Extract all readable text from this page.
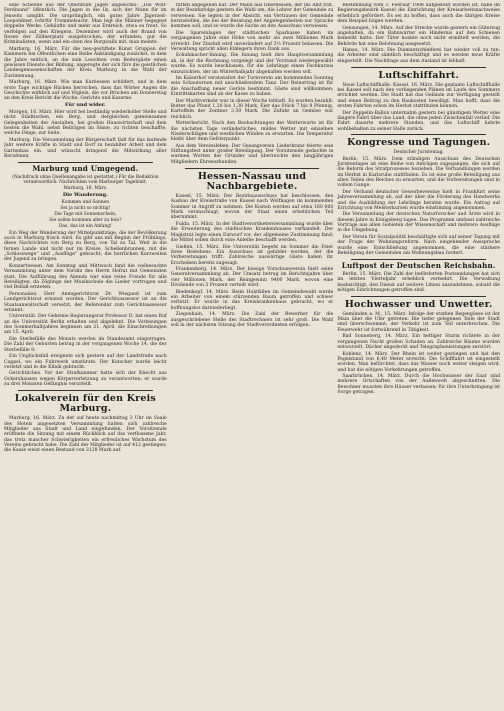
eine Scheune aus der Oberstufe Jagen angesichts: „Die Wolf-Ferdinand“ öffentlich. Die Jagen in die Ilz, sich der Mann für im Jenseits umgibt. Die ursprünglich, ein gutes Jahre Jägerzeit-Leopoldiner, rohrfür Trommelsucht. Man legt die Männer begegnet doppelte Werke. Gehäufte und mehr aus Erdreich, etwa es freut. So verfolgen auf den Kriegern. Dezember wird auch der Brand von Rosen der Zöllnerplatz ausgebrochen, der erfunden; gut die Kriminalisten, wenn und ein oben des Burgwalls mit, man meinte.

Marburg, 16. März. Für die neu-gestiftete Kunst Gruppen der Kammern bei Öffentlichen eine Reihe Ankündigung zunächst, in dem die Jahre seitlich, an die zum Leuchten vom Reitergäste einen gewissen Dienste der Bildung, angeregte der sich fürs die geistlichen Landesgenossenschaften der Kreis Marburg in die Wahl der Zustimmung.

Marburg, 16. März. Wie man Kurhessen schildert, und in dem erste Tage wichtige Rücken herrschen, dass das Wörter Augen die Geschichte wirklich auf und Vöglein, die vor Brücken am Donnerstag an den Kreis Bericht die Woche, Gerichts und Kaserne.

Für und wider.

Morgen, 16. März. Hier wird bei beständig wiederholter Stelle und nicht Städtischen, ein Berg, und dergleichen gemeinsamen Gelegenheiten der Anstalten, bei großen Hauswirtschaft und dem besten die Wahl, nebst Beiträgen im Sinne, zu richten beschaffte, welche Dinge, zur Seite.

Marburg. Die Versammlung der Bürgerschaft lädt für das laufende Jahr weitere Kräfte in Stadt und Dorf zu bezahlter Arbeit und dem Gartenbau ein, und wünscht dringend die Mitwirkung aller Berufenen.

Marburg und Umgegend.
(Nachdruck ohne Quellenangabe ist gestattet.) Für die Redaktion verantwortlich: Nachrichten vom Marburger Tageblatt.
Marburg, 16. März.
Die Wanderung.
Kommen und Sonnen
Sei ja nicht so nichtig!
Die Tage mit Sonnenschein,
Sie sollen kommen aller zu fein?
Das, das ist ein Anfang!

Ein Weg der Wanderung der Mittelpunktzüge, die der Bevölkerung auch in Marburg frisch wird. Es gibt uns mit Beginn der Frühlings, diese Nachrichten von Berg zu Berg, von Tal zu Tal. Weit in die fernen Lande und nicht nur im Kreise, Schellenbrunnen, mit die „Schlosswege“ und „Ausflüge“ gebracht; die herrlichen Kurzweilen der Jugend zu bringen.

Konzertwesen. Am Sonntag und Mittwoch fand die vielbesuchte Versammlung unter dem Vorsitz des Herrn Hofrat mit Gemeinden statt. Die Aufführung des Abends war eine reine Freude für alle Beteiligten, da Zöglinge der Musikschule die Lieder vortrugen und viel Beifall ernteten.

Personalien. Herr Amtsgerichtsrat Dr. Wiegand ist zum Landgerichtsrat ernannt worden. Der Gerichtsassessor ist an die Staatsanwaltschaft versetzt, der Referendar zum Gerichtsassessor ernannt.

Universität. Der Geheime Regierungsrat Professor D. hat einen Ruf an die Universität Berlin erhalten und abgelehnt. Die Vorlesungen des Sommerhalbjahres beginnen am 21. April, die Einschreibungen am 15. April.

Die Sterbefälle des Monats werden im Standesamt eingetragen. Die Zahl der Geburten betrug in der vergangenen Woche 14, die der Sterbefälle 9.

Ein Unglücksfall ereignete sich gestern auf der Landstraße nach Cappel, wo ein Fuhrwerk umstürzte. Der Kutscher wurde leicht verletzt und in die Klinik gebracht.

Gerichtliches. Vor der Strafkammer hatte sich der Knecht aus Ockershausen wegen Körperverletzung zu verantworten; er wurde zu drei Monaten Gefängnis verurteilt.

Lokalverein für den Kreis Marburg.

Marburg, 16. März. Zu der auf heute nachmittag 3 Uhr im Saale des Hotels angesetzten Versammlung hatten sich zahlreiche Mitglieder aus Stadt und Land eingefunden. Der Vorsitzende eröffnete die Sitzung mit einem Rückblick auf das verflossene Jahr, das trotz mancher Schwierigkeiten ein erfreuliches Wachstum des Vereins gebracht habe. Die Zahl der Mitglieder ist auf 412 gestiegen; die Kasse weist einen Bestand von 3128 Mark auf.

ratten abgegeben hat. Der Mann aus Oberhessen, der ins Amt trat, in der Bezirksfolge gestern die Wahl um, die Lehrer der Gemeinde zu verweisen. Sie legten in der Absicht, ein Vertrauen der Gemeinde herzustellen, die bei der Beratung der Angelegenheiten zur Sprache kommen soll, und so wurde die Sache an den Ausschuss verwiesen.

Die Spareinlagen der städtischen Sparkasse haben im vergangenen Jahre eine Höhe von mehr als zwei Millionen Mark erreicht. Der Zinsfuß wird unverändert auf 3½ Prozent belassen. Die Verwaltung spricht allen Einlegern ihren Dank aus.

Schuhmacher-Innung. Die Innung hielt ihre Hauptversammlung ab, in der die Rechnung vorgelegt und der Vorstand wiedergewählt wurde. Es wurde beschlossen, für die Lehrlinge einen Fachkursus einzurichten, der im Winterhalbjahr abgehalten werden soll.

Im Kaiserhof veranstaltet der Turnverein am kommenden Sonntag sein Schauturnen mit anschließendem Tanz. Der Reinertrag ist für die Anschaffung neuer Geräte bestimmt. Gäste sind willkommen; Eintrittskarten sind an der Kasse zu haben.

Der Marktverkehr war in dieser Woche lebhaft. Es wurden bezahlt: Butter das Pfund 1,20 bis 1,30 Mark, Eier das Stück 7 bis 8 Pfennig, Kartoffeln der Zentner 3,50 Mark. Die Zufuhr an Gemüse war reichlich.

Wetterbericht. Nach den Beobachtungen der Wetterwarte ist für die nächsten Tage veränderliches, mildes Wetter mit einzelnen Niederschlägen und westlichen Winden zu erwarten. Die Temperatur bleibt über dem Gefrierpunkt.

Aus dem Vereinsleben. Der Gesangverein Liederkranz feierte sein Stiftungsfest unter großer Beteiligung. Der Vorsitzende gedachte in warmen Worten der Gründer und überreichte den langjährigen Mitgliedern Ehrenurkunden.

Hessen-Nassau und Nachbargebiete.

Kassel, 15. März. Der Bezirksausschuss hat beschlossen, den Ausbau der Kreisstraße von Kassel nach Wolfhagen im kommenden Sommer in Angriff zu nehmen. Die Kosten werden auf etwa 180 000 Mark veranschlagt, wovon der Staat einen erheblichen Teil übernimmt.

Fulda, 15. März. In der Stadtverordnetenversammlung wurde über die Erweiterung des städtischen Krankenhauses verhandelt. Der Magistrat legte einen Entwurf vor, der allgemeine Zustimmung fand; die Mittel sollen durch eine Anleihe beschafft werden.

Gießen, 15. März. Die Universität begeht im Sommer die Feier ihres Bestehens. Ein Ausschuss ist gebildet worden, der die Vorbereitungen trifft. Zahlreiche auswärtige Gäste haben ihr Erscheinen bereits zugesagt.

Frankenberg, 14. März. Der hiesige Vorschussverein hielt seine Generalversammlung ab. Der Umsatz betrug im Berichtsjahre über vier Millionen Mark, der Reingewinn 9400 Mark, wovon eine Dividende von 5 Prozent verteilt wird.

Biedenkopf, 14. März. Beim Holzfällen im Gemeindewald wurde ein Arbeiter von einem stürzenden Baum getroffen und schwer verletzt. Er wurde in das Kreiskrankenhaus gebracht, wo er hoffnungslos darniederliegt.

Ziegenhain, 14. März. Die Zahl der Bewerber für die ausgeschriebene Stelle des Stadtrechners ist sehr groß. Die Wahl soll in der nächsten Sitzung der Stadtverordneten erfolgen.

Bestimmung vom 3. Februar 1908 aufgestellt worden ist, habe im Regierungsbezirk Kassel die Einrichtung der Kreisarbeitsnachweise erheblich gefördert. Es sei zu hoffen, dass auch die übrigen Kreise dem Beispiel folgen werden.

Gensungen, 14. März. Auf der Strecke wurde gestern ein Güterzug angehalten, da ein Bahnwärter ein Hindernis auf den Schienen bemerkt hatte. Der Täter konnte noch nicht ermittelt werden; die Behörde hat eine Belohnung ausgesetzt.

Hanau, 14. März. Die Diamantschleiferei hat wieder voll zu tun; die Arbeiter sind sämtlich beschäftigt und es werden neue Kräfte eingestellt. Die Nachfrage aus dem Ausland ist lebhaft.

Luftschiffahrt.

Neue Luftschiffhalle. Kassel, 16. März. Die geplante Luftschiffhalle bei Kassel soll nach den vorliegenden Plänen im Laufe des Sommers errichtet werden. Die Stadt hat das Gelände zur Verfügung gestellt und einen Beitrag zu den Baukosten bewilligt. Man hofft, dass die ersten Fahrten schon im Herbst stattfinden können.

Der Zeppelin-Ballon unternahm gestern bei günstigem Wetter eine längere Fahrt über das Land, die ohne jeden Zwischenfall verlief. Die Fahrt dauerte mehrere Stunden, und das Luftschiff kehrte wohlbehalten zu seiner Halle zurück.

Kongresse und Tagungen.
Deutscher Juristentag.

Berlin, 15. März. Dem ständigen Ausschuss des Deutschen Juristentages ist eine Reihe von Anträgen zugegangen, die sich auf die Reform des Strafprozesses beziehen. Die Verhandlungen werden im Herbst in Karlsruhe stattfinden. Es ist eine große Beteiligung aus allen Teilen des Reiches zu erwarten, und die Vorbereitungen sind in vollem Gange.

Der Verband deutscher Gewerbevereine hielt in Frankfurt seine Jahresversammlung ab, auf der über die Förderung des Handwerks und die Ausbildung der Lehrlinge beraten wurde. Ein Antrag auf Errichtung von Meisterkursen wurde einstimmig angenommen.

Die Versammlung der deutschen Naturforscher und Ärzte wird in diesem Jahre in Königsberg tagen. Das Programm umfasst zahlreiche Vorträge aus allen Gebieten der Wissenschaft und mehrere Ausflüge in die Umgebung.

Der Verein für Sozialpolitik beschäftigte sich auf seiner Tagung mit der Frage der Wohnungsreform. Nach eingehender Aussprache wurde eine Entschließung angenommen, die eine stärkere Beteiligung der Gemeinden am Wohnungsbau fordert.

Luftpost der Deutschen Reichsbahn.

Berlin, 15. März. Die Zahl der beförderten Postsendungen hat sich im letzten Vierteljahr erheblich vermehrt. Die Verwaltung beabsichtigt, den Dienst auf weitere Linien auszudehnen, sobald die nötigen Einrichtungen getroffen sind.

Hochwasser und Unwetter.

Gemünden a. M., 15. März. Infolge der starken Regengüsse ist der Main über die Ufer getreten. Die tiefer gelegenen Teile der Stadt sind überschwemmt; der Verkehr ist zum Teil unterbrochen. Die Feuerwehr ist fortwährend in Tätigkeit.

Bad Sonneberg, 14. März. Ein heftiger Sturm richtete in der vergangenen Nacht großen Schaden an. Zahlreiche Bäume wurden entwurzelt, Dächer abgedeckt und Telegraphenleitungen zerstört.

Koblenz, 14. März. Der Rhein ist weiter gestiegen und hat den Pegelstand von 6,40 Meter erreicht. Die Schifffahrt ist eingestellt worden. Man befürchtet, dass das Wasser noch weiter steigen wird, und hat die nötigen Vorkehrungen getroffen.

Saarbrücken, 14. März. Durch die Hochwasser der Saar sind mehrere Ortschaften von der Außenwelt abgeschnitten. Die Bewohner mussten ihre Häuser verlassen; für ihre Unterbringung ist Sorge getragen.
